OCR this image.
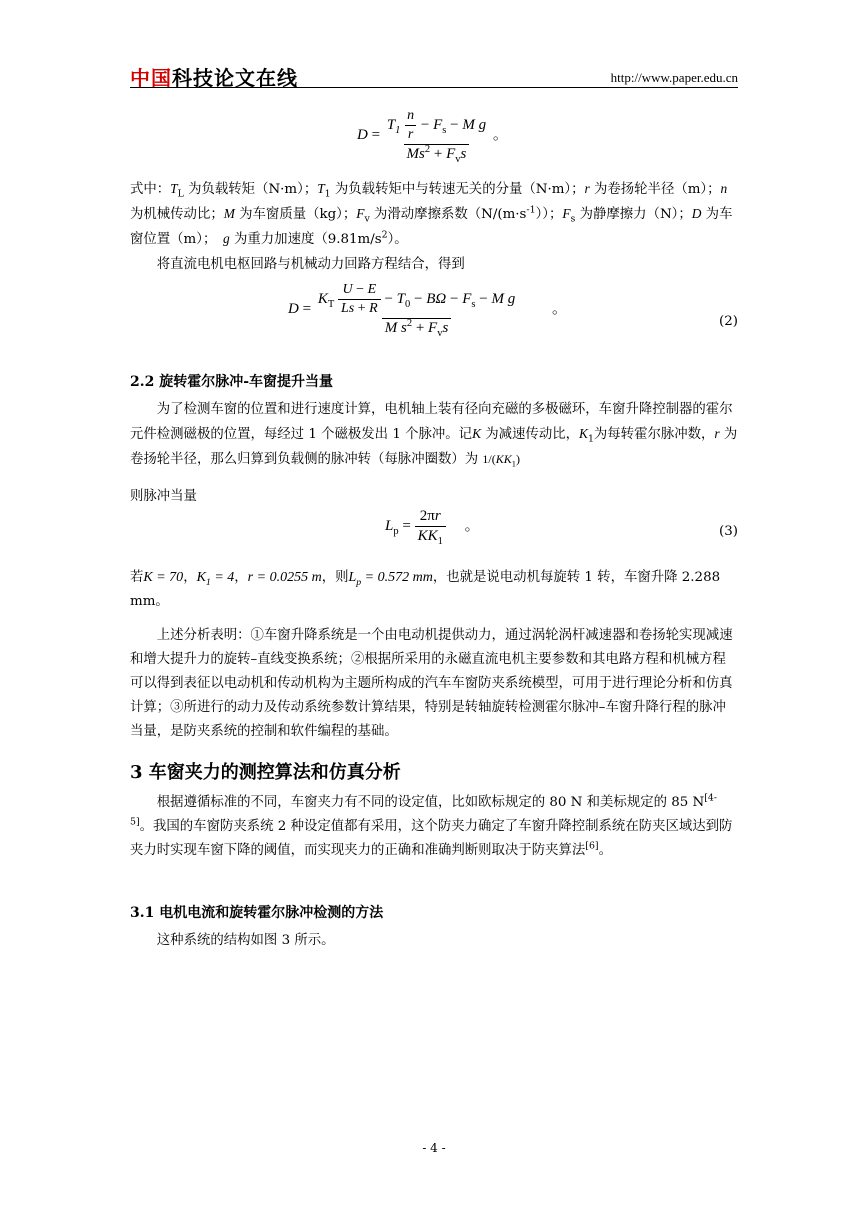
中国科技论文在线	http://www.paper.edu.cn
$D = \frac{T_1 \frac{n}{r} - F_s - M g}{Ms^2 + F_vs}$ 。
式中：$T_L$ 为负载转矩（N·m）；$T_1$ 为负载转矩中与转速无关的分量（N·m）；r 为卷扬轮半径（m）；n 为机械传动比；M 为车窗质量（kg）；$F_v$ 为滑动摩擦系数$(N/(m\cdot s^{-1}))$；$F_s$ 为静摩擦力（N）；D 为车窗位置（m）；　g 为重力加速度$(9.81m/s^2)$。
将直流电机电枢回路与机械动力回路方程结合，得到
$D = \frac{K_T \frac{U - E}{Ls + R} - T_0 - B\Omega - F_s - M g}{M s^2 + F_vs}$ 　　。
(2)
2.2 旋转霍尔脉冲-车窗提升当量
为了检测车窗的位置和进行速度计算，电机轴上装有径向充磁的多极磁环，车窗升降控制器的霍尔元件检测磁极的位置，每经过 1 个磁极发出 1 个脉冲。记K 为减速传动比，$K_1$为每转霍尔脉冲数，r 为卷扬轮半径，那么归算到负载侧的脉冲转（每脉冲圈数）为 $1/(KK_1)$
则脉冲当量
$L_p = \frac{2\pi r}{KK_1}$ 　。	(3)
若K = 70，$K_1 = 4$，r = 0.0255 m，则$L_p = 0.572$ mm，也就是说电动机每旋转 1 转，车窗升降 2.288 mm。
上述分析表明：①车窗升降系统是一个由电动机提供动力，通过涡轮涡杆减速器和卷扬轮实现减速和增大提升力的旋转–直线变换系统；②根据所采用的永磁直流电机主要参数和其电路方程和机械方程可以得到表征以电动机和传动机构为主题所构成的汽车车窗防夹系统模型，可用于进行理论分析和仿真计算；③所进行的动力及传动系统参数计算结果，特别是转轴旋转检测霍尔脉冲–车窗升降行程的脉冲当量，是防夹系统的控制和软件编程的基础。
3 车窗夹力的测控算法和仿真分析
根据遵循标准的不同，车窗夹力有不同的设定值，比如欧标规定的 80 N 和美标规定的 85 N[4-5]。我国的车窗防夹系统 2 种设定值都有采用，这个防夹力确定了车窗升降控制系统在防夹区域达到防夹力时实现车窗下降的阈值，而实现夹力的正确和准确判断则取决于防夹算法[6]。
3.1 电机电流和旋转霍尔脉冲检测的方法
这种系统的结构如图 3 所示。
- 4 -
